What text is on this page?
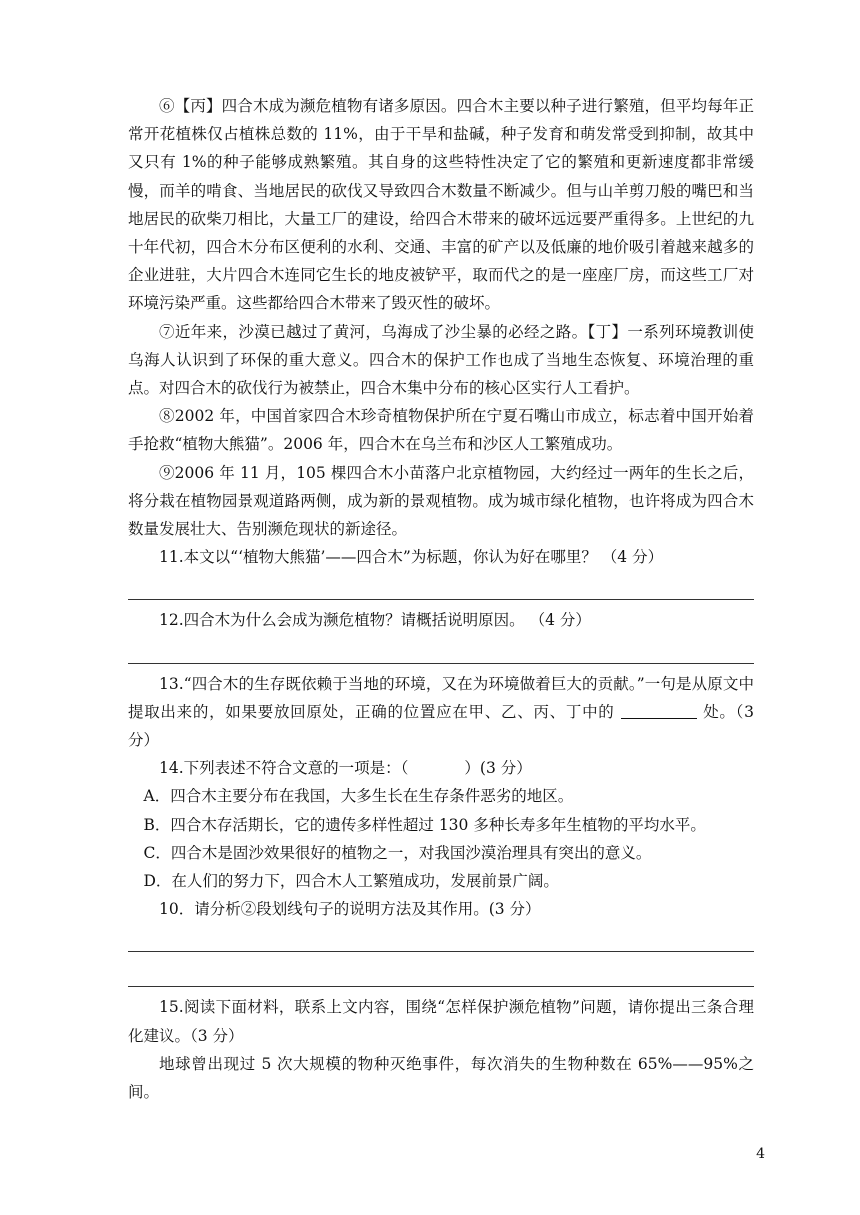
⑥【丙】四合木成为濒危植物有诸多原因。四合木主要以种子进行繁殖，但平均每年正常开花植株仅占植株总数的 11%，由于干旱和盐碱，种子发育和萌发常受到抑制，故其中又只有 1%的种子能够成熟繁殖。其自身的这些特性决定了它的繁殖和更新速度都非常缓慢，而羊的啃食、当地居民的砍伐又导致四合木数量不断减少。但与山羊剪刀般的嘴巴和当地居民的砍柴刀相比，大量工厂的建设，给四合木带来的破坏远远要严重得多。上世纪的九十年代初，四合木分布区便利的水利、交通、丰富的矿产以及低廉的地价吸引着越来越多的企业进驻，大片四合木连同它生长的地皮被铲平，取而代之的是一座座厂房，而这些工厂对环境污染严重。这些都给四合木带来了毁灭性的破坏。

⑦近年来，沙漠已越过了黄河，乌海成了沙尘暴的必经之路。【丁】一系列环境教训使乌海人认识到了环保的重大意义。四合木的保护工作也成了当地生态恢复、环境治理的重点。对四合木的砍伐行为被禁止，四合木集中分布的核心区实行人工看护。

⑧2002 年，中国首家四合木珍奇植物保护所在宁夏石嘴山市成立，标志着中国开始着手抢救“植物大熊猫”。2006 年，四合木在乌兰布和沙区人工繁殖成功。

⑨2006 年 11 月，105 棵四合木小苗落户北京植物园，大约经过一两年的生长之后，将分栽在植物园景观道路两侧，成为新的景观植物。成为城市绿化植物，也许将成为四合木数量发展壮大、告别濒危现状的新途径。

11.本文以“‘植物大熊猫’——四合木”为标题，你认为好在哪里？ （4 分）

12.四合木为什么会成为濒危植物？请概括说明原因。 （4 分）

13.“四合木的生存既依赖于当地的环境，又在为环境做着巨大的贡献。”一句是从原文中提取出来的，如果要放回原处，正确的位置应在甲、乙、丙、丁中的	处。（3 分）

14.下列表述不符合文意的一项是：（	）(3 分）

A．四合木主要分布在我国，大多生长在生存条件恶劣的地区。

B．四合木存活期长，它的遗传多样性超过 130 多种长寿多年生植物的平均水平。

C．四合木是固沙效果很好的植物之一，对我国沙漠治理具有突出的意义。

D．在人们的努力下，四合木人工繁殖成功，发展前景广阔。

10．请分析②段划线句子的说明方法及其作用。(3 分）

15.阅读下面材料，联系上文内容，围绕“怎样保护濒危植物”问题，请你提出三条合理化建议。（3 分）

地球曾出现过 5 次大规模的物种灭绝事件，每次消失的生物种数在 65%——95%之间。

4
